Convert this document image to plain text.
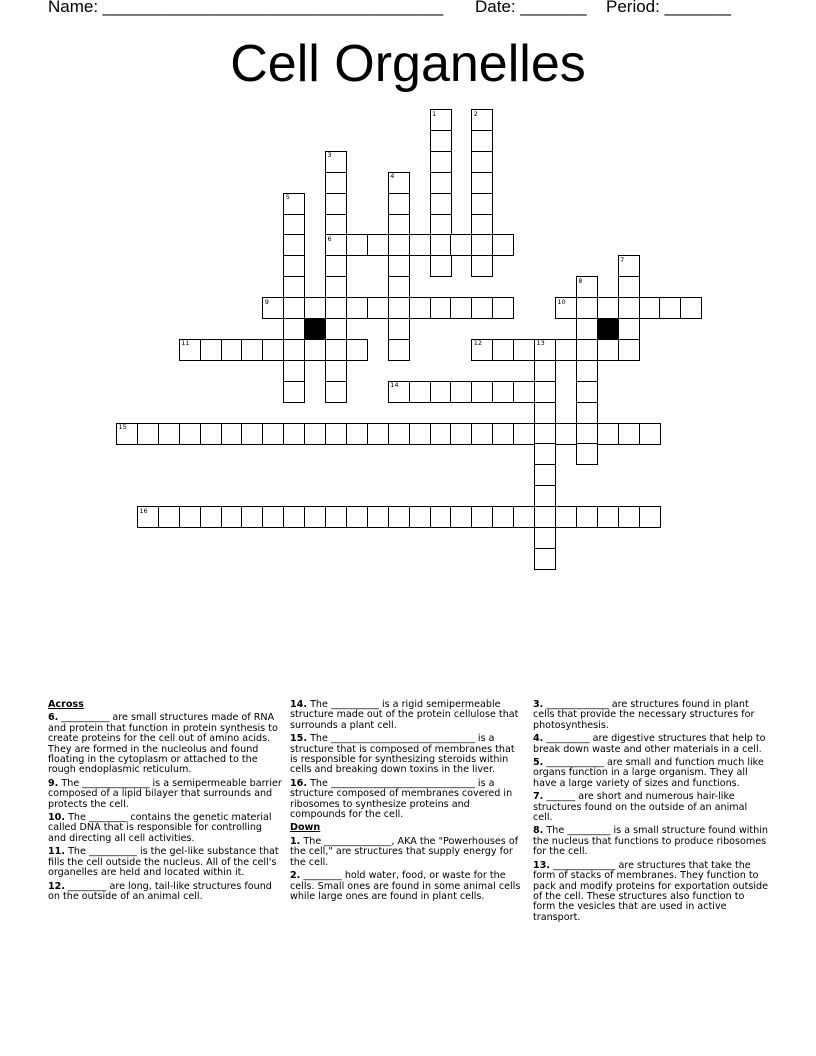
Name: ____________________________________ Date: _______ Period: _______
Cell Organelles
1	2
3
4
5
6
7
8
9	10
11	12	13
14
15
16

Across

6. __________ are small structures made of RNA and protein that function in protein synthesis to create proteins for the cell out of amino acids. They are formed in the nucleolus and found floating in the cytoplasm or attached to the rough endoplasmic reticulum.

9. The ______________ is a semipermeable barrier composed of a lipid bilayer that surrounds and protects the cell.

10. The ________ contains the genetic material called DNA that is responsible for controlling and directing all cell activities.

11. The __________ is the gel-like substance that fills the cell outside the nucleus. All of the cell's organelles are held and located within it.

12. ________ are long, tail-like structures found on the outside of an animal cell.

14. The __________ is a rigid semipermeable structure made out of the protein cellulose that surrounds a plant cell.

15. The ______________________________ is a structure that is composed of membranes that is responsible for synthesizing steroids within cells and breaking down toxins in the liver.

16. The ______________________________ is a structure composed of membranes covered in ribosomes to synthesize proteins and compounds for the cell.

Down

1. The ______________, AKA the "Powerhouses of the cell," are structures that supply energy for the cell.

2. ________ hold water, food, or waste for the cells. Small ones are found in some animal cells while large ones are found in plant cells.

3. _____________ are structures found in plant cells that provide the necessary structures for photosynthesis.

4. _________ are digestive structures that help to break down waste and other materials in a cell.

5. ____________ are small and function much like organs function in a large organism. They all have a large variety of sizes and functions.

7. ______ are short and numerous hair-like structures found on the outside of an animal cell.

8. The _________ is a small structure found within the nucleus that functions to produce ribosomes for the cell.

13. _____________ are structures that take the form of stacks of membranes. They function to pack and modify proteins for exportation outside of the cell. These structures also function to form the vesicles that are used in active transport.
